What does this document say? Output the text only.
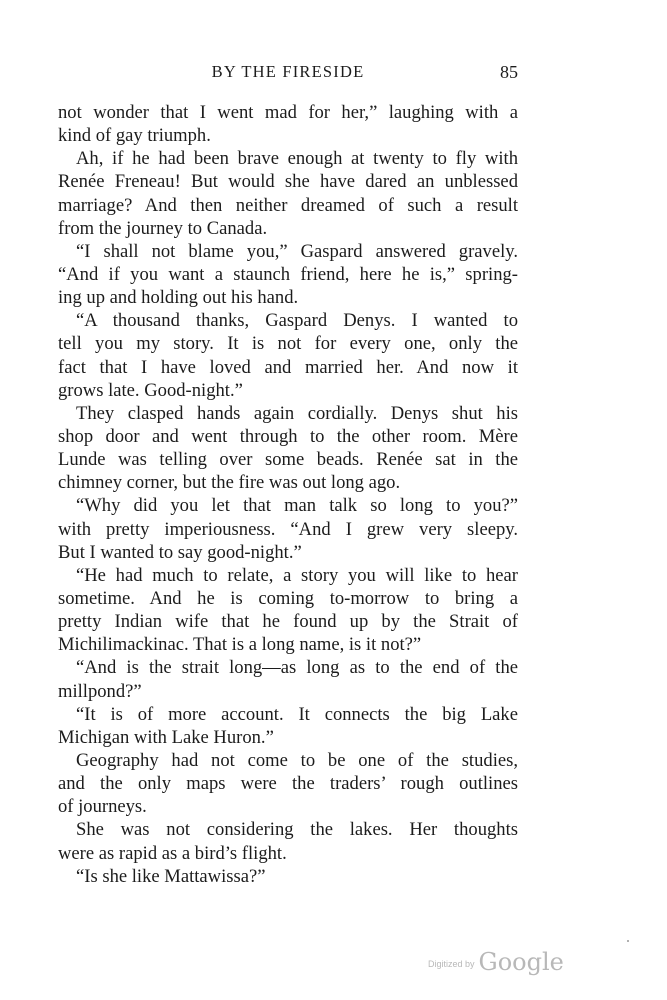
BY THE FIRESIDE	85
not wonder that I went mad for her,” laughing with a
kind of gay triumph.
Ah, if he had been brave enough at twenty to fly with
Renée Freneau! But would she have dared an unblessed
marriage? And then neither dreamed of such a result
from the journey to Canada.
“I shall not blame you,” Gaspard answered gravely.
“And if you want a staunch friend, here he is,” spring-
ing up and holding out his hand.
“A thousand thanks, Gaspard Denys. I wanted to
tell you my story. It is not for every one, only the
fact that I have loved and married her. And now it
grows late. Good-night.”
They clasped hands again cordially. Denys shut his
shop door and went through to the other room. Mère
Lunde was telling over some beads. Renée sat in the
chimney corner, but the fire was out long ago.
“Why did you let that man talk so long to you?”
with pretty imperiousness. “And I grew very sleepy.
But I wanted to say good-night.”
“He had much to relate, a story you will like to hear
sometime. And he is coming to-morrow to bring a
pretty Indian wife that he found up by the Strait of
Michilimackinac. That is a long name, is it not?”
“And is the strait long—as long as to the end of the
millpond?”
“It is of more account. It connects the big Lake
Michigan with Lake Huron.”
Geography had not come to be one of the studies,
and the only maps were the traders’ rough outlines
of journeys.
She was not considering the lakes. Her thoughts
were as rapid as a bird’s flight.
“Is she like Mattawissa?”
Digitized by Google
